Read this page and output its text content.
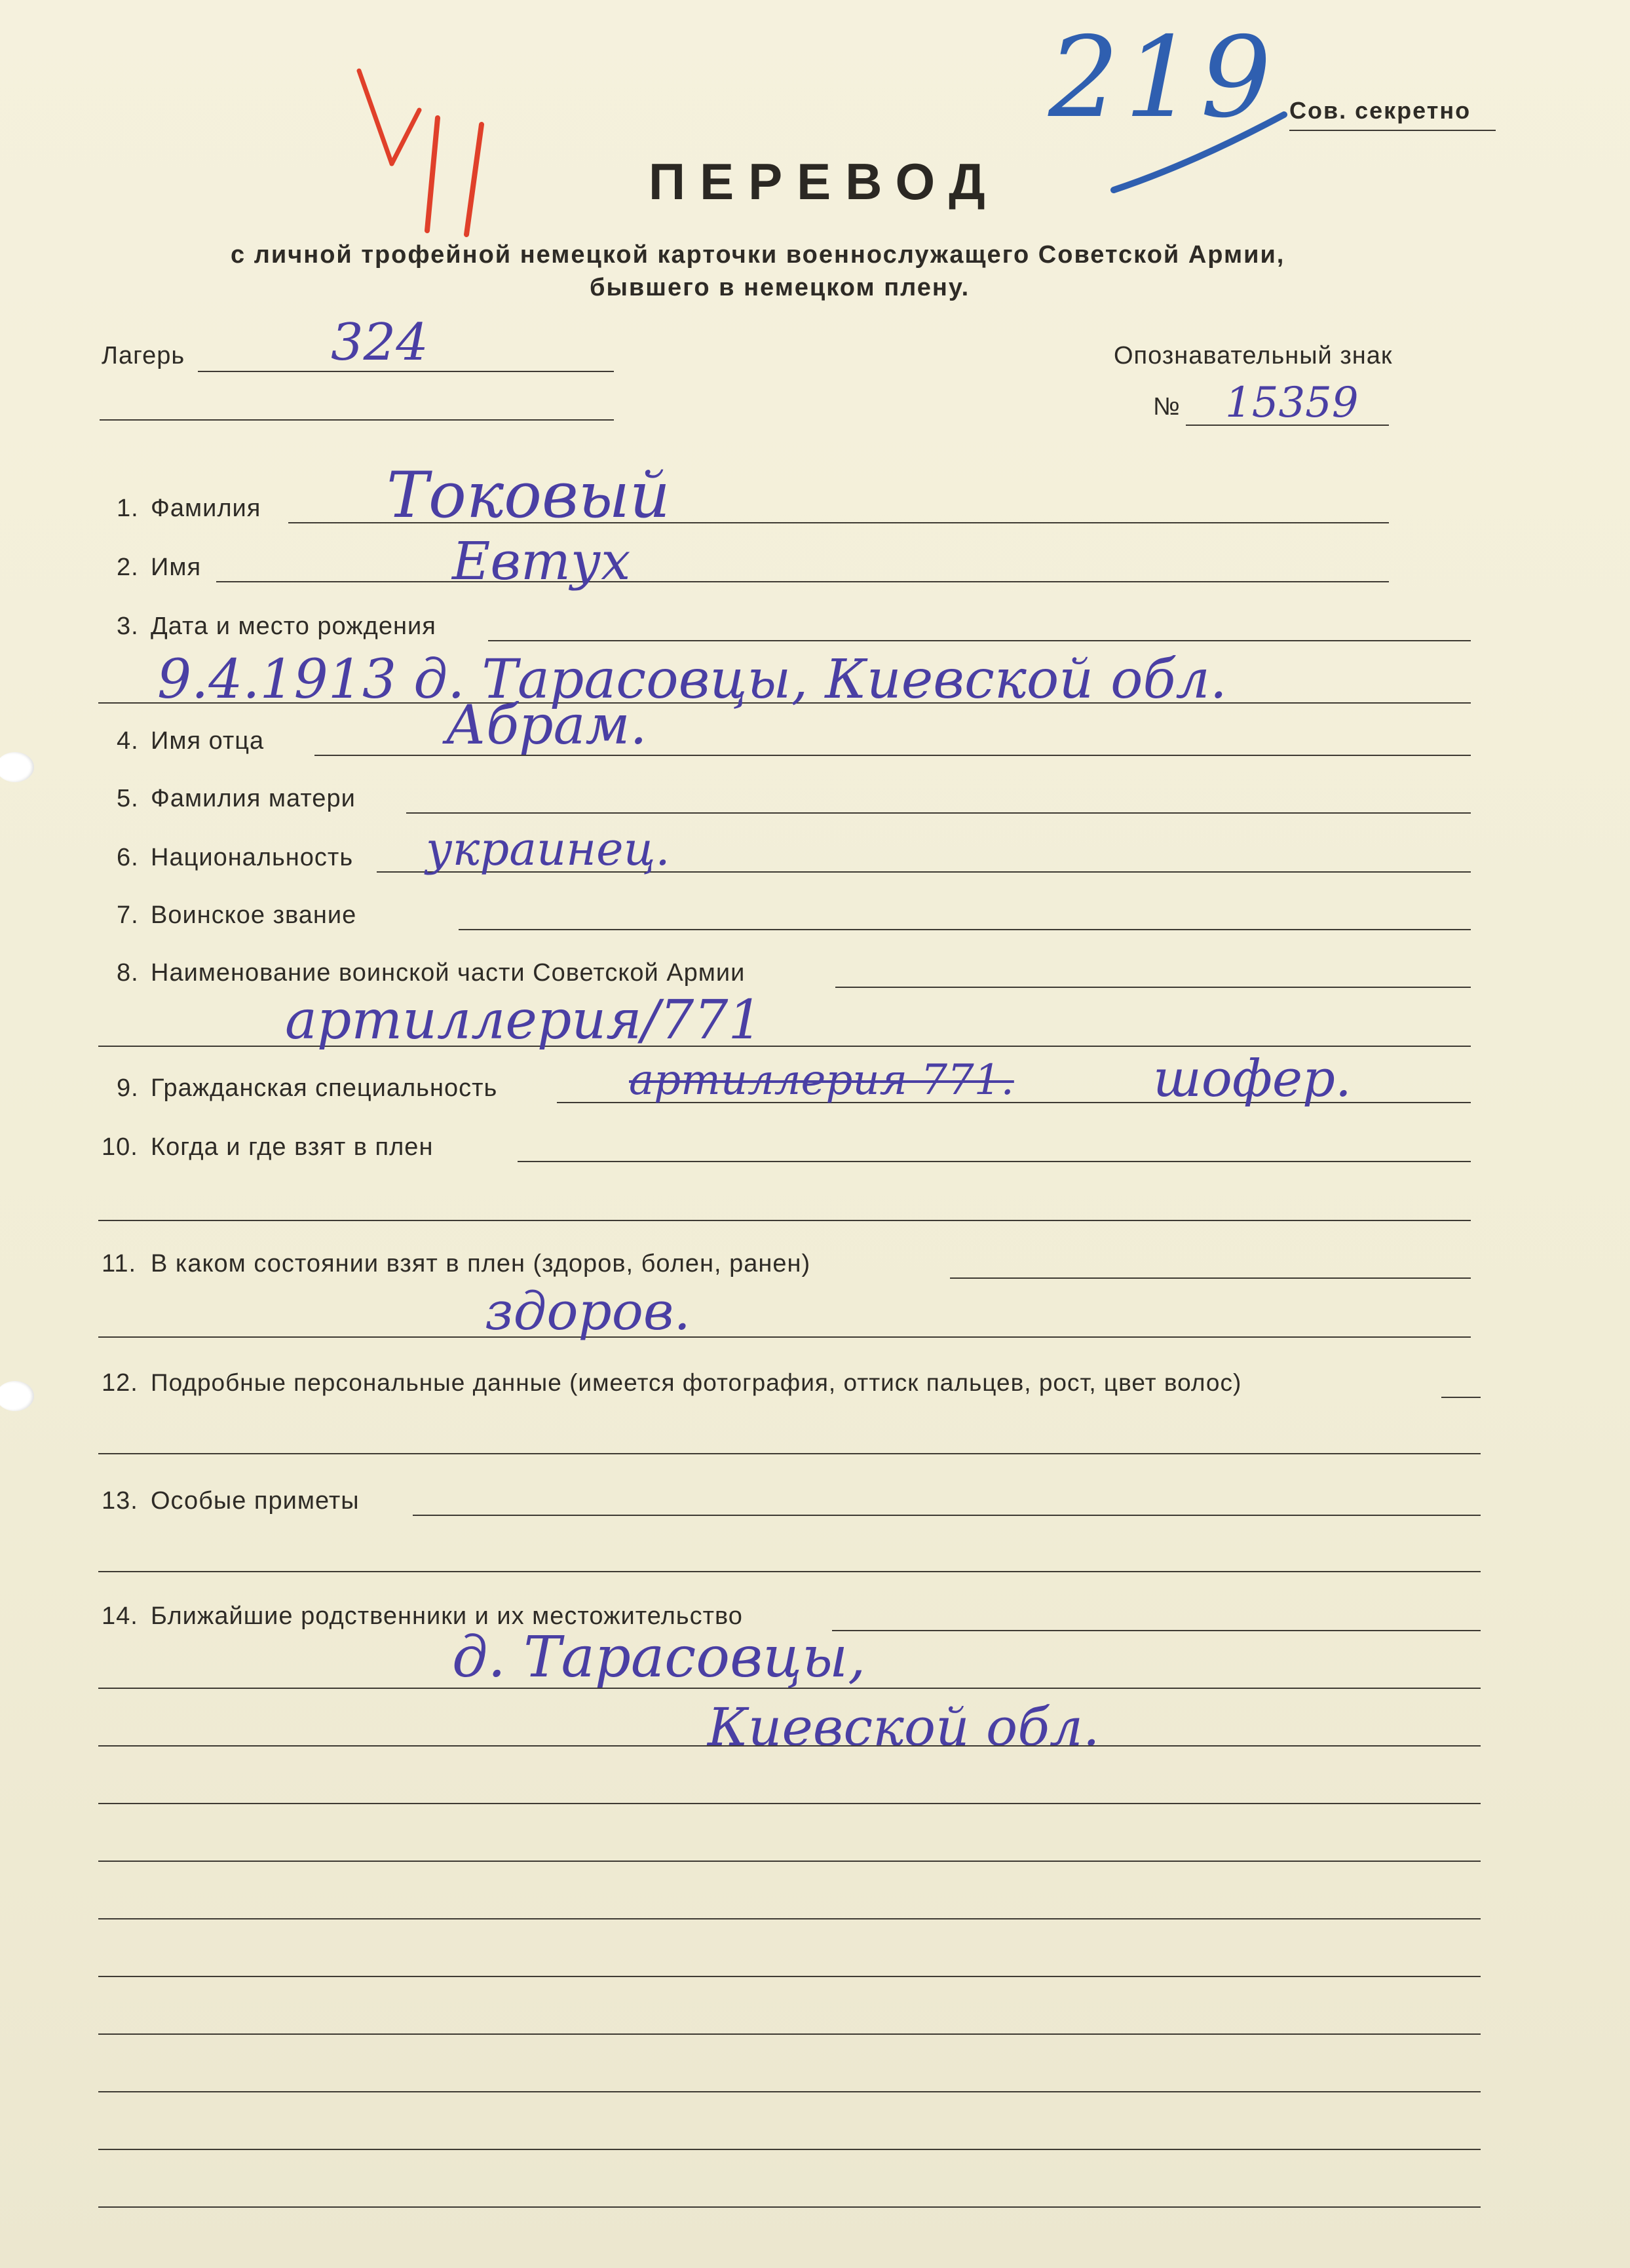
219 Сов. секретно
ПЕРЕВОД
с личной трофейной немецкой карточки военнослужащего Советской Армии,
бывшего в немецком плену.
Лагерь	324	Опознавательный знак
№ 15359
1. Фамилия Токовый
2. Имя	Евтух
3. Дата и место рождения
9.4.1913 д. Тарасовцы, Киевской обл.
4. Имя отца	Абрам.
5. Фамилия матери
6. Национальность украинец.
7. Воинское звание
8. Наименование воинской части Советской Армии
артиллерия/771
9. Гражданская специальность	артиллерия 771.	шофер.
10. Когда и где взят в плен
11. В каком состоянии взят в плен (здоров, болен, ранен)
здоров.
12. Подробные персональные данные (имеется фотография, оттиск пальцев, рост, цвет волос)
13. Особые приметы
14. Ближайшие родственники и их местожительство
д. Тарасовцы,
Киевской обл.
